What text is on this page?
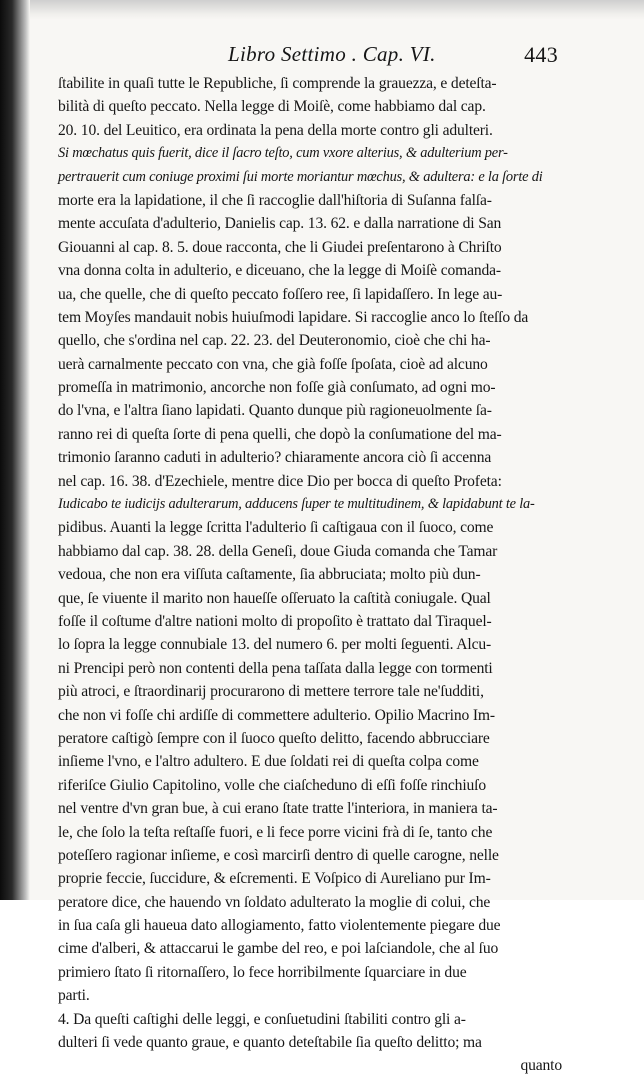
Libro Settimo . Cap. VI.	443
ſtabilite in quaſi tutte le Republiche, ſi comprende la grauezza, e deteſta-
bilità di queſto peccato. Nella legge di Moiſè, come habbiamo dal cap.
20. 10. del Leuitico, era ordinata la pena della morte contro gli adulteri.
Si mœchatus quis fuerit, dice il ſacro teſto, cum vxore alterius, & adulterium per-
pertrauerit cum coniuge proximi ſui morte moriantur mœchus, & adultera: e la ſorte di
morte era la lapidatione, il che ſi raccoglie dall'hiſtoria di Suſanna falſa-
mente accuſata d'adulterio, Danielis cap. 13. 62. e dalla narratione di San
Giouanni al cap. 8. 5. doue racconta, che li Giudei preſentarono à Chriſto
vna donna colta in adulterio, e diceuano, che la legge di Moiſè comanda-
ua, che quelle, che di queſto peccato foſſero ree, ſi lapidaſſero. In lege au-
tem Moyſes mandauit nobis huiuſmodi lapidare. Si raccoglie anco lo ſteſſo da
quello, che s'ordina nel cap. 22. 23. del Deuteronomio, cioè che chi ha-
uerà carnalmente peccato con vna, che già foſſe ſpoſata, cioè ad alcuno
promeſſa in matrimonio, ancorche non foſſe già conſumato, ad ogni mo-
do l'vna, e l'altra ſiano lapidati. Quanto dunque più ragioneuolmente ſa-
ranno rei di queſta ſorte di pena quelli, che dopò la conſumatione del ma-
trimonio ſaranno caduti in adulterio? chiaramente ancora ciò ſi accenna
nel cap. 16. 38. d'Ezechiele, mentre dice Dio per bocca di queſto Profeta:
Iudicabo te iudicijs adulterarum, adducens ſuper te multitudinem, & lapidabunt te la-
pidibus. Auanti la legge ſcritta l'adulterio ſi caſtigaua con il ſuoco, come
habbiamo dal cap. 38. 28. della Geneſi, doue Giuda comanda che Tamar
vedoua, che non era viſſuta caſtamente, ſia abbruciata; molto più dun-
que, ſe viuente il marito non haueſſe oſſeruato la caſtità coniugale. Qual
foſſe il coſtume d'altre nationi molto di propoſito è trattato dal Tiraquel-
lo ſopra la legge connubiale 13. del numero 6. per molti ſeguenti. Alcu-
ni Prencipi però non contenti della pena taſſata dalla legge con tormenti
più atroci, e ſtraordinarij procurarono di mettere terrore tale ne'ſudditi,
che non vi foſſe chi ardiſſe di commettere adulterio. Opilio Macrino Im-
peratore caſtigò ſempre con il ſuoco queſto delitto, facendo abbrucciare
inſieme l'vno, e l'altro adultero. E due ſoldati rei di queſta colpa come
riferiſce Giulio Capitolino, volle che ciaſcheduno di eſſi foſſe rinchiuſo
nel ventre d'vn gran bue, à cui erano ſtate tratte l'interiora, in maniera ta-
le, che ſolo la teſta reſtaſſe fuori, e li fece porre vicini frà di ſe, tanto che
poteſſero ragionar inſieme, e così marcirſi dentro di quelle carogne, nelle
proprie feccie, ſuccidure, & eſcrementi. E Voſpico di Aureliano pur Im-
peratore dice, che hauendo vn ſoldato adulterato la moglie di colui, che
in ſua caſa gli haueua dato allogiamento, fatto violentemente piegare due
cime d'alberi, & attaccarui le gambe del reo, e poi laſciandole, che al ſuo
primiero ſtato ſi ritornaſſero, lo fece horribilmente ſquarciare in due
parti.
4. Da queſti caſtighi delle leggi, e conſuetudini ſtabiliti contro gli a-
dulteri ſi vede quanto graue, e quanto deteſtabile ſia queſto delitto; ma
quanto
